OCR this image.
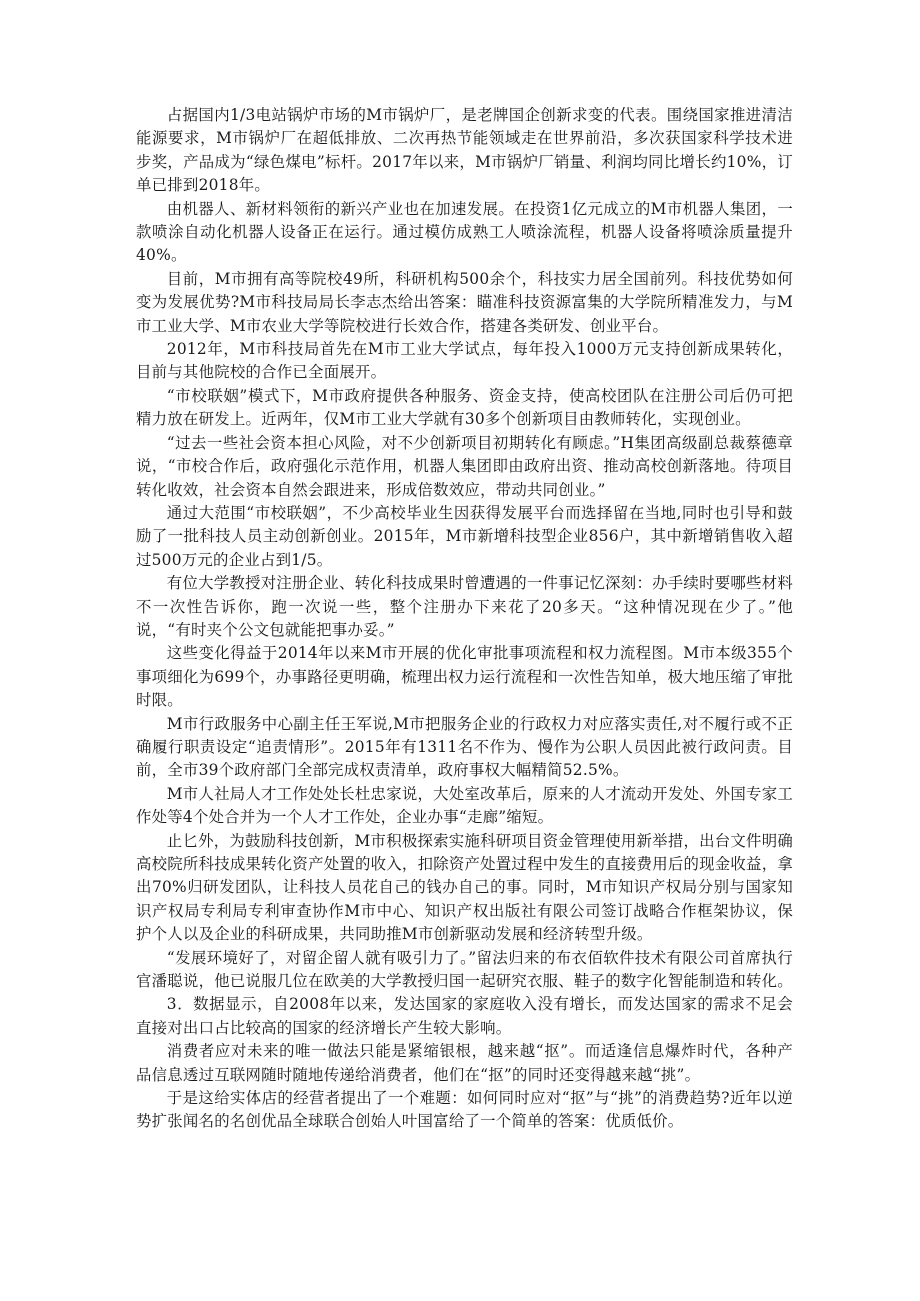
占据国内1/3电站锅炉市场的M市锅炉厂，是老牌国企创新求变的代表。围绕国家推进清洁能源要求，M市锅炉厂在超低排放、二次再热节能领域走在世界前沿，多次获国家科学技术进步奖，产品成为“绿色煤电”标杆。2017年以来，M市锅炉厂销量、利润均同比增长约10%，订单已排到2018年。

由机器人、新材料领衔的新兴产业也在加速发展。在投资1亿元成立的M市机器人集团，一款喷涂自动化机器人设备正在运行。通过模仿成熟工人喷涂流程，机器人设备将喷涂质量提升40%。

目前，M市拥有高等院校49所，科研机构500余个，科技实力居全国前列。科技优势如何变为发展优势?M市科技局局长李志杰给出答案：瞄准科技资源富集的大学院所精准发力，与M市工业大学、M市农业大学等院校进行长效合作，搭建各类研发、创业平台。

2012年，M市科技局首先在M市工业大学试点，每年投入1000万元支持创新成果转化，目前与其他院校的合作已全面展开。

“市校联姻”模式下，M市政府提供各种服务、资金支持，使高校团队在注册公司后仍可把精力放在研发上。近两年，仅M市工业大学就有30多个创新项目由教师转化，实现创业。

“过去一些社会资本担心风险，对不少创新项目初期转化有顾虑。”H集团高级副总裁蔡德章说，“市校合作后，政府强化示范作用，机器人集团即由政府出资、推动高校创新落地。待项目转化收效，社会资本自然会跟进来，形成倍数效应，带动共同创业。”

通过大范围“市校联姻”，不少高校毕业生因获得发展平台而选择留在当地,同时也引导和鼓励了一批科技人员主动创新创业。2015年，M市新增科技型企业856户，其中新增销售收入超过500万元的企业占到1/5。

有位大学教授对注册企业、转化科技成果时曾遭遇的一件事记忆深刻：办手续时要哪些材料不一次性告诉你，跑一次说一些，整个注册办下来花了20多天。“这种情况现在少了。”他说，“有时夹个公文包就能把事办妥。”

这些变化得益于2014年以来M市开展的优化审批事项流程和权力流程图。M市本级355个事项细化为699个，办事路径更明确，梳理出权力运行流程和一次性告知单，极大地压缩了审批时限。

M市行政服务中心副主任王军说,M市把服务企业的行政权力对应落实责任,对不履行或不正确履行职责设定“追责情形”。2015年有1311名不作为、慢作为公职人员因此被行政问责。目前，全市39个政府部门全部完成权责清单，政府事权大幅精简52.5%。

M市人社局人才工作处处长杜忠家说，大处室改革后，原来的人才流动开发处、外国专家工作处等4个处合并为一个人才工作处，企业办事“走廊”缩短。

止匕外，为鼓励科技创新，M市积极探索实施科研项目资金管理使用新举措，出台文件明确高校院所科技成果转化资产处置的收入，扣除资产处置过程中发生的直接费用后的现金收益，拿出70%归研发团队，让科技人员花自己的钱办自己的事。同时，M市知识产权局分别与国家知识产权局专利局专利审查协作M市中心、知识产权出版社有限公司签订战略合作框架协议，保护个人以及企业的科研成果，共同助推M市创新驱动发展和经济转型升级。

“发展环境好了，对留企留人就有吸引力了。”留法归来的布衣佰软件技术有限公司首席执行官潘聪说，他已说服几位在欧美的大学教授归国一起研究衣服、鞋子的数字化智能制造和转化。

3．数据显示，自2008年以来，发达国家的家庭收入没有增长，而发达国家的需求不足会直接对出口占比较高的国家的经济增长产生较大影响。

消费者应对未来的唯一做法只能是紧缩银根，越来越“抠”。而适逢信息爆炸时代，各种产品信息透过互联网随时随地传递给消费者，他们在“抠”的同时还变得越来越“挑”。

于是这给实体店的经营者提出了一个难题：如何同时应对“抠”与“挑”的消费趋势?近年以逆势扩张闻名的名创优品全球联合创始人叶国富给了一个简单的答案：优质低价。
